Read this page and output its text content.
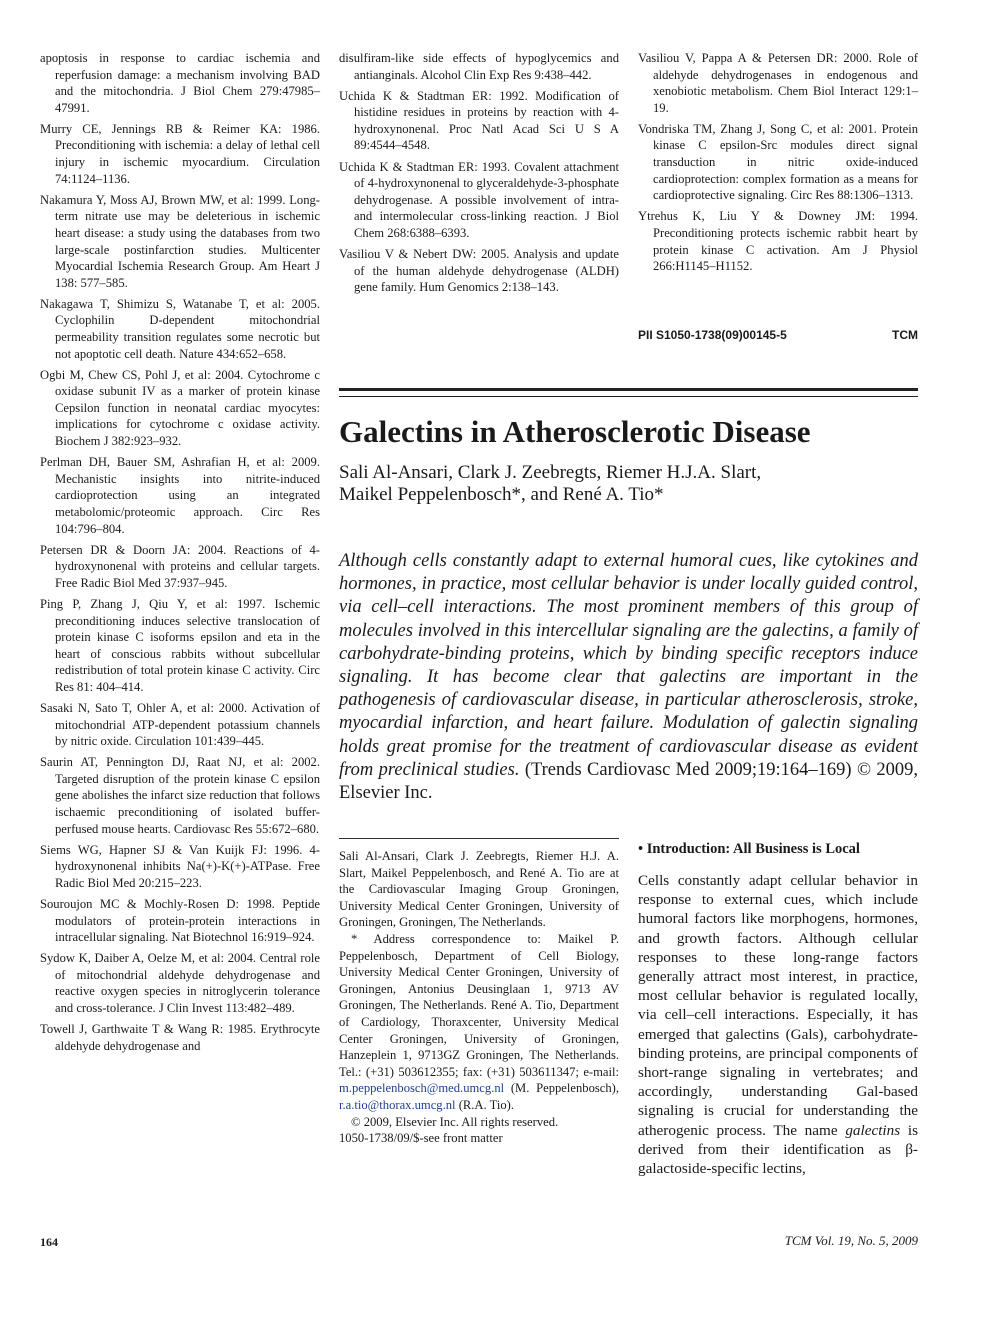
apoptosis in response to cardiac ischemia and reperfusion damage: a mechanism involving BAD and the mitochondria. J Biol Chem 279:47985–47991.

Murry CE, Jennings RB & Reimer KA: 1986. Preconditioning with ischemia: a delay of lethal cell injury in ischemic myocardium. Circulation 74:1124–1136.

Nakamura Y, Moss AJ, Brown MW, et al: 1999. Long-term nitrate use may be deleterious in ischemic heart disease: a study using the databases from two large-scale postinfarction studies. Multicenter Myocardial Ischemia Research Group. Am Heart J 138: 577–585.

Nakagawa T, Shimizu S, Watanabe T, et al: 2005. Cyclophilin D-dependent mitochondrial permeability transition regulates some necrotic but not apoptotic cell death. Nature 434:652–658.

Ogbi M, Chew CS, Pohl J, et al: 2004. Cytochrome c oxidase subunit IV as a marker of protein kinase Cepsilon function in neonatal cardiac myocytes: implications for cytochrome c oxidase activity. Biochem J 382:923–932.

Perlman DH, Bauer SM, Ashrafian H, et al: 2009. Mechanistic insights into nitrite-induced cardioprotection using an integrated metabolomic/proteomic approach. Circ Res 104:796–804.

Petersen DR & Doorn JA: 2004. Reactions of 4-hydroxynonenal with proteins and cellular targets. Free Radic Biol Med 37:937–945.

Ping P, Zhang J, Qiu Y, et al: 1997. Ischemic preconditioning induces selective translocation of protein kinase C isoforms epsilon and eta in the heart of conscious rabbits without subcellular redistribution of total protein kinase C activity. Circ Res 81: 404–414.

Sasaki N, Sato T, Ohler A, et al: 2000. Activation of mitochondrial ATP-dependent potassium channels by nitric oxide. Circulation 101:439–445.

Saurin AT, Pennington DJ, Raat NJ, et al: 2002. Targeted disruption of the protein kinase C epsilon gene abolishes the infarct size reduction that follows ischaemic preconditioning of isolated buffer-perfused mouse hearts. Cardiovasc Res 55:672–680.

Siems WG, Hapner SJ & Van Kuijk FJ: 1996. 4-hydroxynonenal inhibits Na(+)-K(+)-ATPase. Free Radic Biol Med 20:215–223.

Souroujon MC & Mochly-Rosen D: 1998. Peptide modulators of protein-protein interactions in intracellular signaling. Nat Biotechnol 16:919–924.

Sydow K, Daiber A, Oelze M, et al: 2004. Central role of mitochondrial aldehyde dehydrogenase and reactive oxygen species in nitroglycerin tolerance and cross-tolerance. J Clin Invest 113:482–489.

Towell J, Garthwaite T & Wang R: 1985. Erythrocyte aldehyde dehydrogenase and

disulfiram-like side effects of hypoglycemics and antianginals. Alcohol Clin Exp Res 9:438–442.

Uchida K & Stadtman ER: 1992. Modification of histidine residues in proteins by reaction with 4-hydroxynonenal. Proc Natl Acad Sci U S A 89:4544–4548.

Uchida K & Stadtman ER: 1993. Covalent attachment of 4-hydroxynonenal to glyceraldehyde-3-phosphate dehydrogenase. A possible involvement of intra- and intermolecular cross-linking reaction. J Biol Chem 268:6388–6393.

Vasiliou V & Nebert DW: 2005. Analysis and update of the human aldehyde dehydrogenase (ALDH) gene family. Hum Genomics 2:138–143.

Vasiliou V, Pappa A & Petersen DR: 2000. Role of aldehyde dehydrogenases in endogenous and xenobiotic metabolism. Chem Biol Interact 129:1–19.

Vondriska TM, Zhang J, Song C, et al: 2001. Protein kinase C epsilon-Src modules direct signal transduction in nitric oxide-induced cardioprotection: complex formation as a means for cardioprotective signaling. Circ Res 88:1306–1313.

Ytrehus K, Liu Y & Downey JM: 1994. Preconditioning protects ischemic rabbit heart by protein kinase C activation. Am J Physiol 266:H1145–H1152.

PII S1050-1738(09)00145-5	TCM
Galectins in Atherosclerotic Disease
Sali Al-Ansari, Clark J. Zeebregts, Riemer H.J.A. Slart,
Maikel Peppelenbosch*, and René A. Tio*
Although cells constantly adapt to external humoral cues, like cytokines and hormones, in practice, most cellular behavior is under locally guided control, via cell–cell interactions. The most prominent members of this group of molecules involved in this intercellular signaling are the galectins, a family of carbohydrate-binding proteins, which by binding specific receptors induce signaling. It has become clear that galectins are important in the pathogenesis of cardiovascular disease, in particular atherosclerosis, stroke, myocardial infarction, and heart failure. Modulation of galectin signaling holds great promise for the treatment of cardiovascular disease as evident from preclinical studies. (Trends Cardiovasc Med 2009;19:164–169) © 2009, Elsevier Inc.

Sali Al-Ansari, Clark J. Zeebregts, Riemer H.J. A. Slart, Maikel Peppelenbosch, and René A. Tio are at the Cardiovascular Imaging Group Groningen, University Medical Center Groningen, University of Groningen, Groningen, The Netherlands.

* Address correspondence to: Maikel P. Peppelenbosch, Department of Cell Biology, University Medical Center Groningen, University of Groningen, Antonius Deusinglaan 1, 9713 AV Groningen, The Netherlands. René A. Tio, Department of Cardiology, Thoraxcenter, University Medical Center Groningen, University of Groningen, Hanzeplein 1, 9713GZ Groningen, The Netherlands. Tel.: (+31) 503612355; fax: (+31) 503611347; e-mail: m.peppelenbosch@med.umcg.nl (M. Peppelenbosch), r.a.tio@thorax.umcg.nl (R.A. Tio).

© 2009, Elsevier Inc. All rights reserved.

1050-1738/09/$-see front matter

• Introduction: All Business is Local

Cells constantly adapt cellular behavior in response to external cues, which include humoral factors like morphogens, hormones, and growth factors. Although cellular responses to these long-range factors generally attract most interest, in practice, most cellular behavior is regulated locally, via cell–cell interactions. Especially, it has emerged that galectins (Gals), carbohydrate-binding proteins, are principal components of short-range signaling in vertebrates; and accordingly, understanding Gal-based signaling is crucial for understanding the atherogenic process. The name galectins is derived from their identification as β-galactoside-specific lectins,

164	TCM Vol. 19, No. 5, 2009
